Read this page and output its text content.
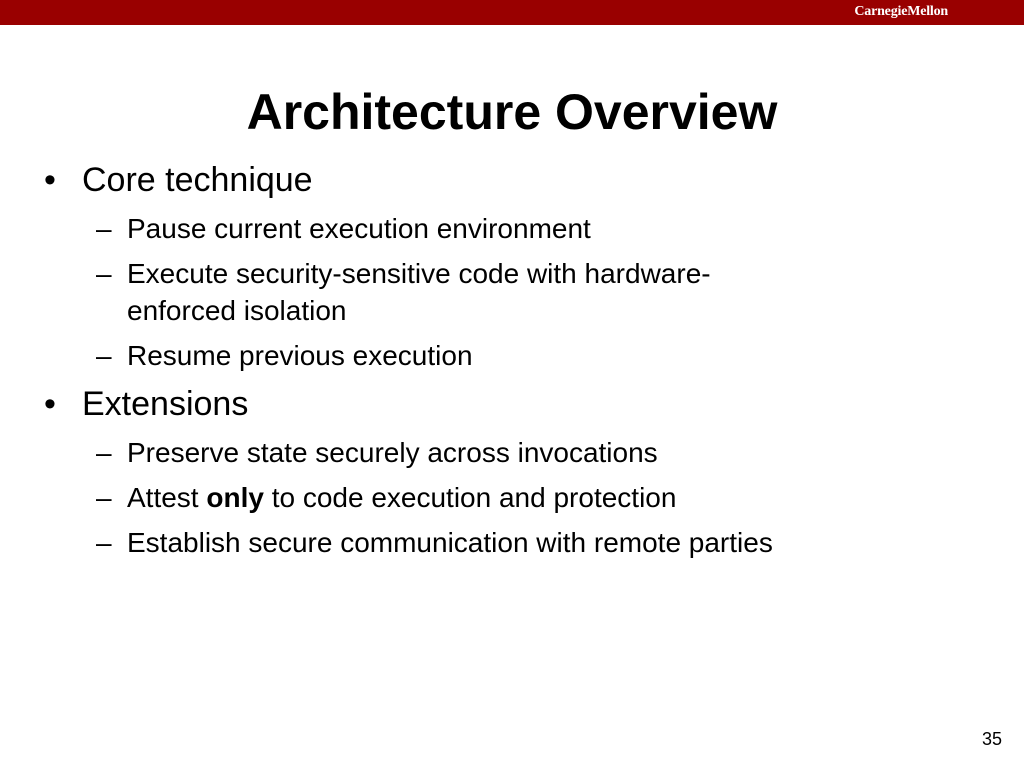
CarnegieMellon
Architecture Overview
• Core technique
– Pause current execution environment
– Execute security-sensitive code with hardware-
enforced isolation
– Resume previous execution
• Extensions
– Preserve state securely across invocations
– Attest only to code execution and protection
– Establish secure communication with remote parties
35
